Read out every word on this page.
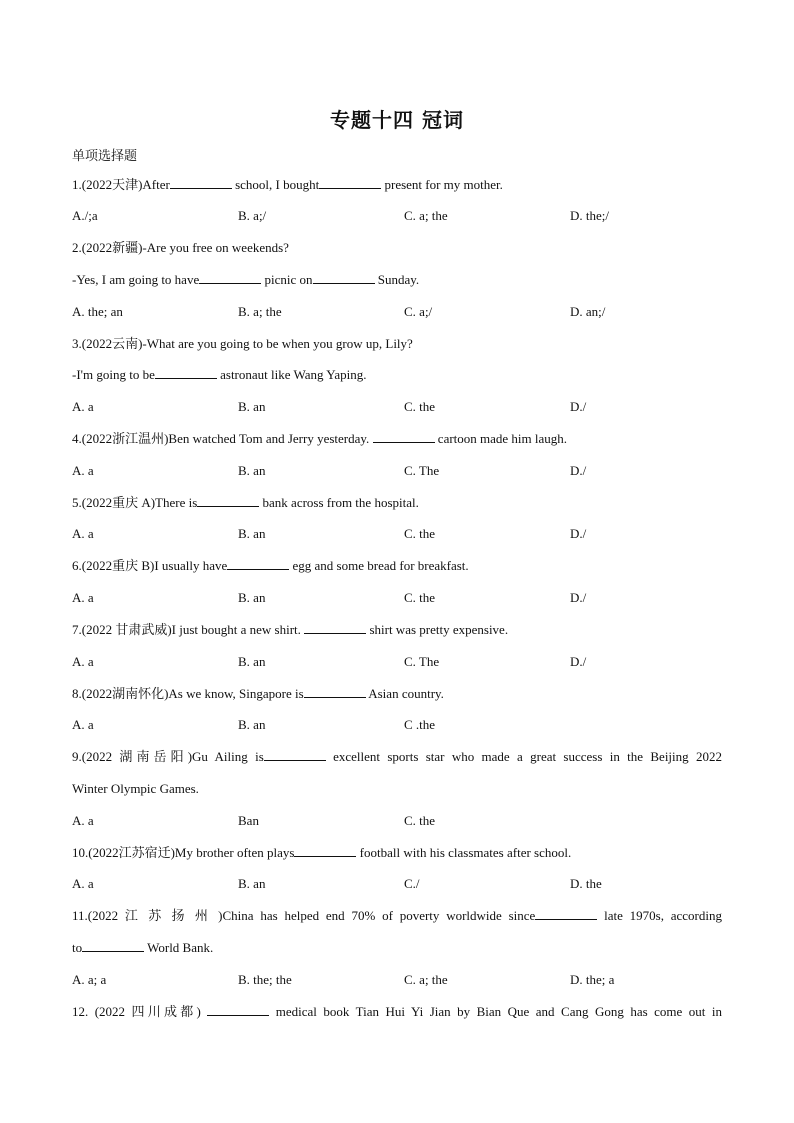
专题十四 冠词
单项选择题
1.(2022天津)After	school, I bought	present for my mother.
A./;a	B. a;/	C. a; the	D. the;/
2.(2022新疆)-Are you free on weekends?
-Yes, I am going to have	picnic on	Sunday.
A. the; an	B. a; the	C. a;/	D. an;/
3.(2022云南)-What are you going to be when you grow up, Lily?
-I'm going to be	astronaut like Wang Yaping.
A. a	B. an	C. the	D./
4.(2022浙江温州)Ben watched Tom and Jerry yesterday.	cartoon made him laugh.
A. a	B. an	C. The	D./
5.(2022重庆 A)There is	bank across from the hospital.
A. a	B. an	C. the	D./
6.(2022重庆 B)I usually have	egg and some bread for breakfast.
A. a	B. an	C. the	D./
7.(2022 甘肃武威)I just bought a new shirt.	shirt was pretty expensive.
A. a	B. an	C. The	D./
8.(2022湖南怀化)As we know, Singapore is	Asian country.
A. a	B. an	C .the
9.(2022 湖南岳阳)Gu Ailing is	excellent sports star who made a great success in the Beijing 2022
Winter Olympic Games.
A. a	Ban	C. the
10.(2022江苏宿迁)My brother often plays	football with his classmates after school.
A. a	B. an	C./	D. the
11.(2022 江 苏 扬 州 )China has helped end 70% of poverty worldwide since	late 1970s, according
to	World Bank.
A. a; a	B. the; the	C. a; the	D. the; a
12. (2022 四川成都)	medical book Tian Hui Yi Jian by Bian Que and Cang Gong has come out in
